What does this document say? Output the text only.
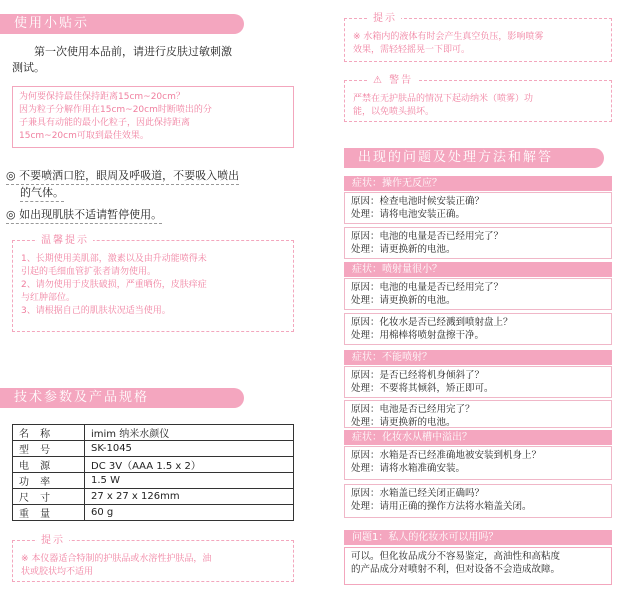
使用小贴示
第一次使用本品前，请进行皮肤过敏刺激
测试。
为何要保持最佳保持距离15cm~20cm？
因为粒子分解作用在15cm~20cm时断喷出的分
子兼具有动能的最小化粒子，因此保持距离
15cm~20cm可取到最佳效果。
◎ 不要喷洒口腔，眼周及呼吸道，不要吸入喷出
的气体。
◎ 如出现肌肤不适请暂停使用。
温馨提示
1、长期使用美肌部，激素以及由升动能喷得未
引起的毛细血管扩张者请勿使用。
2、请勿使用于皮肤破损，严重晒伤，皮肤痒症
与红肿部位。
3、请根据自己的肌肤状况适当使用。
技术参数及产品规格
名 称	imim 纳米水颜仪
型 号	SK-1045
电 源	DC 3V（AAA 1.5 x 2）
功 率	1.5 W
尺 寸	27 x 27 x 126mm
重 量	60 g
提示
※ 本仪器适合特制的护肤品或水溶性护肤品，油
状或胶状均不适用
提示
※ 水箱内的液体有时会产生真空负压，影响喷雾
效果，需轻轻摇晃一下即可。
⚠ 警告
严禁在无护肤品的情况下起动纳米（喷雾）功
能，以免喷头损坏。
出现的问题及处理方法和解答
症状：操作无反应？
原因：检查电池时候安装正确？
处理：请将电池安装正确。
原因：电池的电量是否已经用完了？
处理：请更换新的电池。
症状：喷射量很小？
原因：电池的电量是否已经用完了？
处理：请更换新的电池。
原因：化妆水是否已经溅到喷射盘上？
处理：用棉棒将喷射盘擦干净。
症状：不能喷射？
原因：是否已经将机身倾斜了？
处理：不要将其倾斜，矫正即可。
原因：电池是否已经用完了？
处理：请更换新的电池。
症状：化妆水从槽中溢出？
原因：水箱是否已经准确地被安装到机身上？
处理：请将水箱准确安装。
原因：水箱盖已经关闭正确吗？
处理：请用正确的操作方法将水箱盖关闭。
问题1：私人的化妆水可以用吗？
可以。但化妆品成分不容易鉴定，高油性和高粘度
的产品成分对喷射不利，但对设备不会造成故障。
